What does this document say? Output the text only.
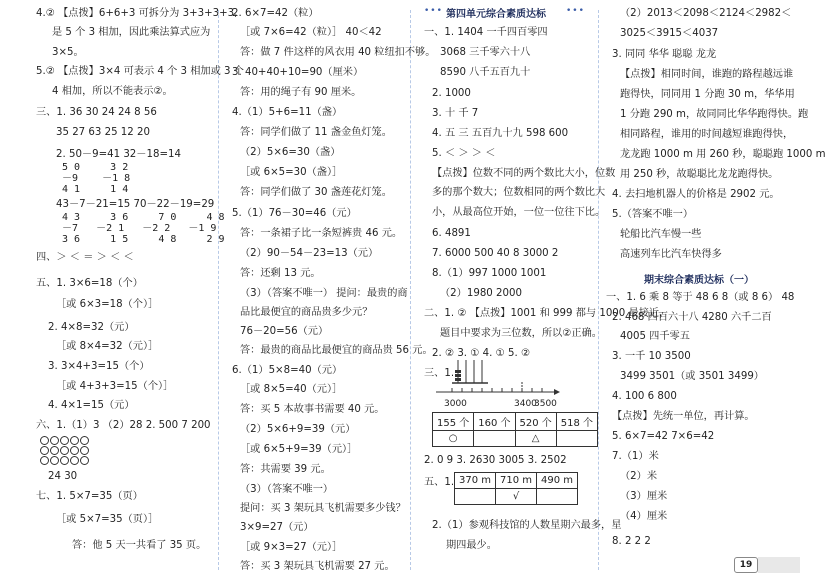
4.② 【点拨】6+6+3 可拆分为 3+3+3+3,
是 5 个 3 相加，因此乘法算式应为
3×5。
5.② 【点拨】3×4 可表示 4 个 3 相加或 3 个
4 相加，所以不能表示②。
三、1. 36 30 24 24 8 56
35 27 63 25 12 20
2. 50－9=41 32－18=14
5 0     3 2
－9    －1 8
4 1     1 4
43－7－21=15 70－22－19=29
4 3     3 6     7 0     4 8
－7   －2 1   －2 2   －1 9
3 6     1 5     4 8     2 9
四、＞ ＜ ＝ ＞ ＜ ＜
五、1. 3×6=18（个）
［或 6×3=18（个）］
2. 4×8=32（元）
［或 8×4=32（元）］
3. 3×4+3=15（个）
［或 4+3+3=15（个）］
4. 4×1=15（元）
六、1.（1）3 （2）28 2. 500 7 200
24 30
七、1. 5×7=35（页）
［或 5×7=35（页）］
答：他 5 天一共看了 35 页。
2. 6×7=42（粒）
［或 7×6=42（粒）］ 40＜42
答：做 7 件这样的风衣用 40 粒纽扣不够。
3. 40+40+10=90（厘米）
答：用的绳子有 90 厘米。
4.（1）5+6=11（盏）
答：同学们做了 11 盏金鱼灯笼。
（2）5×6=30（盏）
［或 6×5=30（盏）］
答：同学们做了 30 盏莲花灯笼。
5.（1）76－30=46（元）
答：一条裙子比一条短裤贵 46 元。
（2）90－54－23=13（元）
答：还剩 13 元。
（3）（答案不唯一） 提问：最贵的商
品比最便宜的商品贵多少元？
76－20=56（元）
答：最贵的商品比最便宜的商品贵 56 元。
6.（1）5×8=40（元）
［或 8×5=40（元）］
答：买 5 本故事书需要 40 元。
（2）5×6+9=39（元）
［或 6×5+9=39（元）］
答：共需要 39 元。
（3）（答案不唯一）
提问：买 3 架玩具飞机需要多少钱？
3×9=27（元）
［或 9×3=27（元）］
答：买 3 架玩具飞机需要 27 元。
••• 第四单元综合素质达标 •••
一、1. 1404 一千四百零四
3068 三千零六十八
8590 八千五百九十
2. 1000
3. 十 千 7
4. 五 三 五百九十九 598 600
5. ＜ ＞ ＞ ＜
【点拨】位数不同的两个数比大小，位数
多的那个数大；位数相同的两个数比大
小，从最高位开始，一位一位往下比。
6. 4891
7. 6000 500 40 8 3000 2
8.（1）997 1000 1001
（2）1980 2000
二、1. ② 【点拨】1001 和 999 都与 1000 最接近，
题目中要求为三位数，所以②正确。
2. ② 3. ① 4. ① 5. ②
三、1.
3000	3400
3500
155 个	160 个	520 个	518 个
○		△	
2. 0 9 3. 2630 3005 3. 2502
五、1. 370 m	710 m	490 m
	√	
2.（1）参观科技馆的人数星期六最多，星
期四最少。
（2）2013＜2098＜2124＜2982＜
3025＜3915＜4037
3. 同同 华华 聪聪 龙龙
【点拨】相同时间，谁跑的路程越远谁
跑得快，同同用 1 分跑 30 m，华华用
1 分跑 290 m，故同同比华华跑得快。跑
相同路程，谁用的时间越短谁跑得快，
龙龙跑 1000 m 用 260 秒，聪聪跑 1000 m
用 250 秒，故聪聪比龙龙跑得快。
4. 去扫地机器人的价格是 2902 元。
5.（答案不唯一）
轮船比汽车慢一些
高速列车比汽车快得多
期末综合素质达标（一）
一、1. 6 乘 8 等于 48 6 8（或 8 6） 48
2. 468 四百六十八 4280 六千二百
4005 四千零五
3. 一千 10 3500
3499 3501（或 3501 3499）
4. 100 6 800
【点拨】先统一单位，再计算。
5. 6×7=42 7×6=42
7.（1）米
（2）米
（3）厘米
（4）厘米
8. 2 2 2
19
